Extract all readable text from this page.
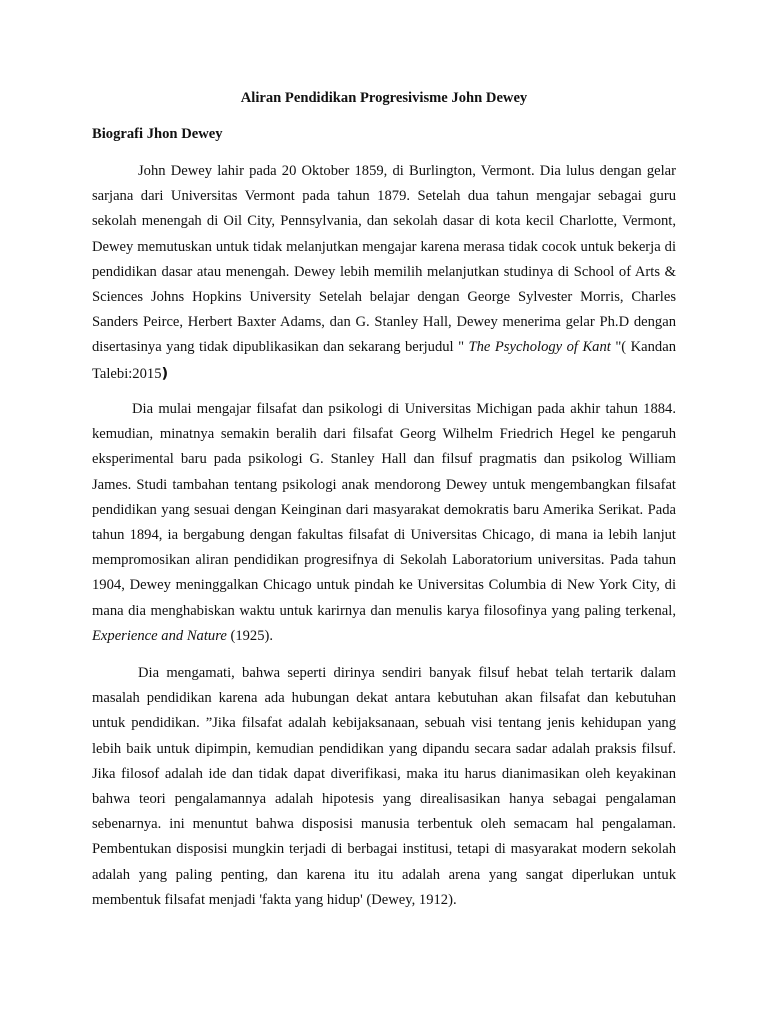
Aliran Pendidikan Progresivisme John Dewey
Biografi Jhon Dewey

John Dewey lahir pada 20 Oktober 1859, di Burlington, Vermont. Dia lulus dengan gelar sarjana dari Universitas Vermont pada tahun 1879. Setelah dua tahun mengajar sebagai guru sekolah menengah di Oil City, Pennsylvania, dan sekolah dasar di kota kecil Charlotte, Vermont, Dewey memutuskan untuk tidak melanjutkan mengajar karena merasa tidak cocok untuk bekerja di pendidikan dasar atau menengah. Dewey lebih memilih melanjutkan studinya di School of Arts & Sciences Johns Hopkins University Setelah belajar dengan George Sylvester Morris, Charles Sanders Peirce, Herbert Baxter Adams, dan G. Stanley Hall, Dewey menerima gelar Ph.D dengan disertasinya yang tidak dipublikasikan dan sekarang berjudul " The Psychology of Kant "( Kandan Talebi:2015)

Dia mulai mengajar filsafat dan psikologi di Universitas Michigan pada akhir tahun 1884. kemudian, minatnya semakin beralih dari filsafat Georg Wilhelm Friedrich Hegel ke pengaruh eksperimental baru pada psikologi G. Stanley Hall dan filsuf pragmatis dan psikolog William James. Studi tambahan tentang psikologi anak mendorong Dewey untuk mengembangkan filsafat pendidikan yang sesuai dengan Keinginan dari masyarakat demokratis baru Amerika Serikat. Pada tahun 1894, ia bergabung dengan fakultas filsafat di Universitas Chicago, di mana ia lebih lanjut mempromosikan aliran pendidikan progresifnya di Sekolah Laboratorium universitas. Pada tahun 1904, Dewey meninggalkan Chicago untuk pindah ke Universitas Columbia di New York City, di mana dia menghabiskan waktu untuk karirnya dan menulis karya filosofinya yang paling terkenal, Experience and Nature (1925).

Dia mengamati, bahwa seperti dirinya sendiri banyak filsuf hebat telah tertarik dalam masalah pendidikan karena ada hubungan dekat antara kebutuhan akan filsafat dan kebutuhan untuk pendidikan. ”Jika filsafat adalah kebijaksanaan, sebuah visi tentang jenis kehidupan yang lebih baik untuk dipimpin, kemudian pendidikan yang dipandu secara sadar adalah praksis filsuf. Jika filosof adalah ide dan tidak dapat diverifikasi, maka itu harus dianimasikan oleh keyakinan bahwa teori pengalamannya adalah hipotesis yang direalisasikan hanya sebagai pengalaman sebenarnya. ini menuntut bahwa disposisi manusia terbentuk oleh semacam hal pengalaman. Pembentukan disposisi mungkin terjadi di berbagai institusi, tetapi di masyarakat modern sekolah adalah yang paling penting, dan karena itu itu adalah arena yang sangat diperlukan untuk membentuk filsafat menjadi 'fakta yang hidup' (Dewey, 1912).
